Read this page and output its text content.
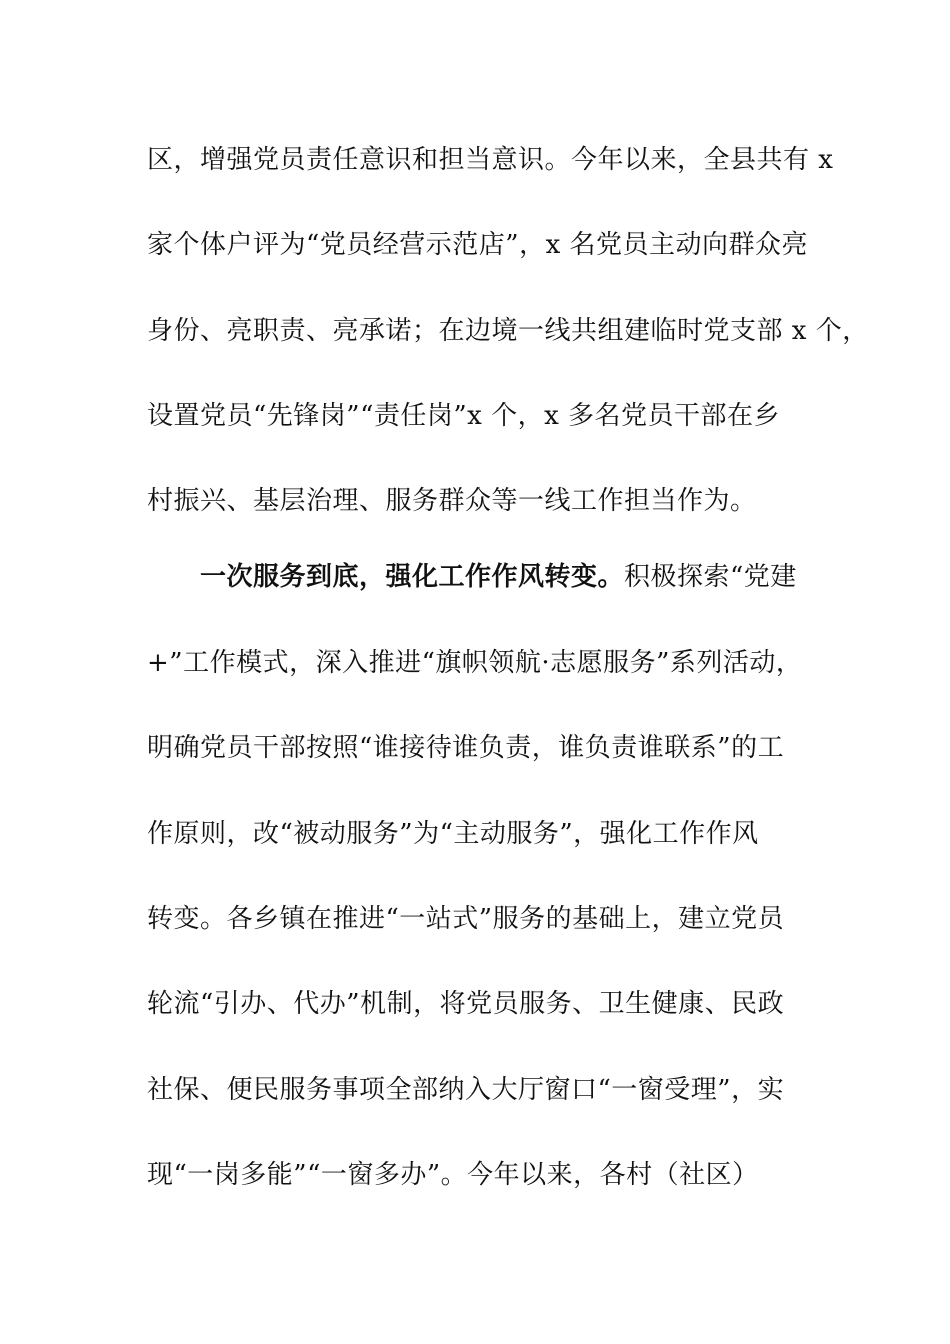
区，增强党员责任意识和担当意识。今年以来，全县共有 x
家个体户评为“党员经营示范店”，x 名党员主动向群众亮
身份、亮职责、亮承诺；在边境一线共组建临时党支部 x 个，
设置党员“先锋岗”“责任岗”x 个，x 多名党员干部在乡
村振兴、基层治理、服务群众等一线工作担当作为。
一次服务到底，强化工作作风转变。积极探索“党建
+”工作模式，深入推进“旗帜领航·志愿服务”系列活动，
明确党员干部按照“谁接待谁负责，谁负责谁联系”的工
作原则，改“被动服务”为“主动服务”，强化工作作风
转变。各乡镇在推进“一站式”服务的基础上，建立党员
轮流“引办、代办”机制，将党员服务、卫生健康、民政
社保、便民服务事项全部纳入大厅窗口“一窗受理”，实
现“一岗多能”“一窗多办”。今年以来，各村（社区）
